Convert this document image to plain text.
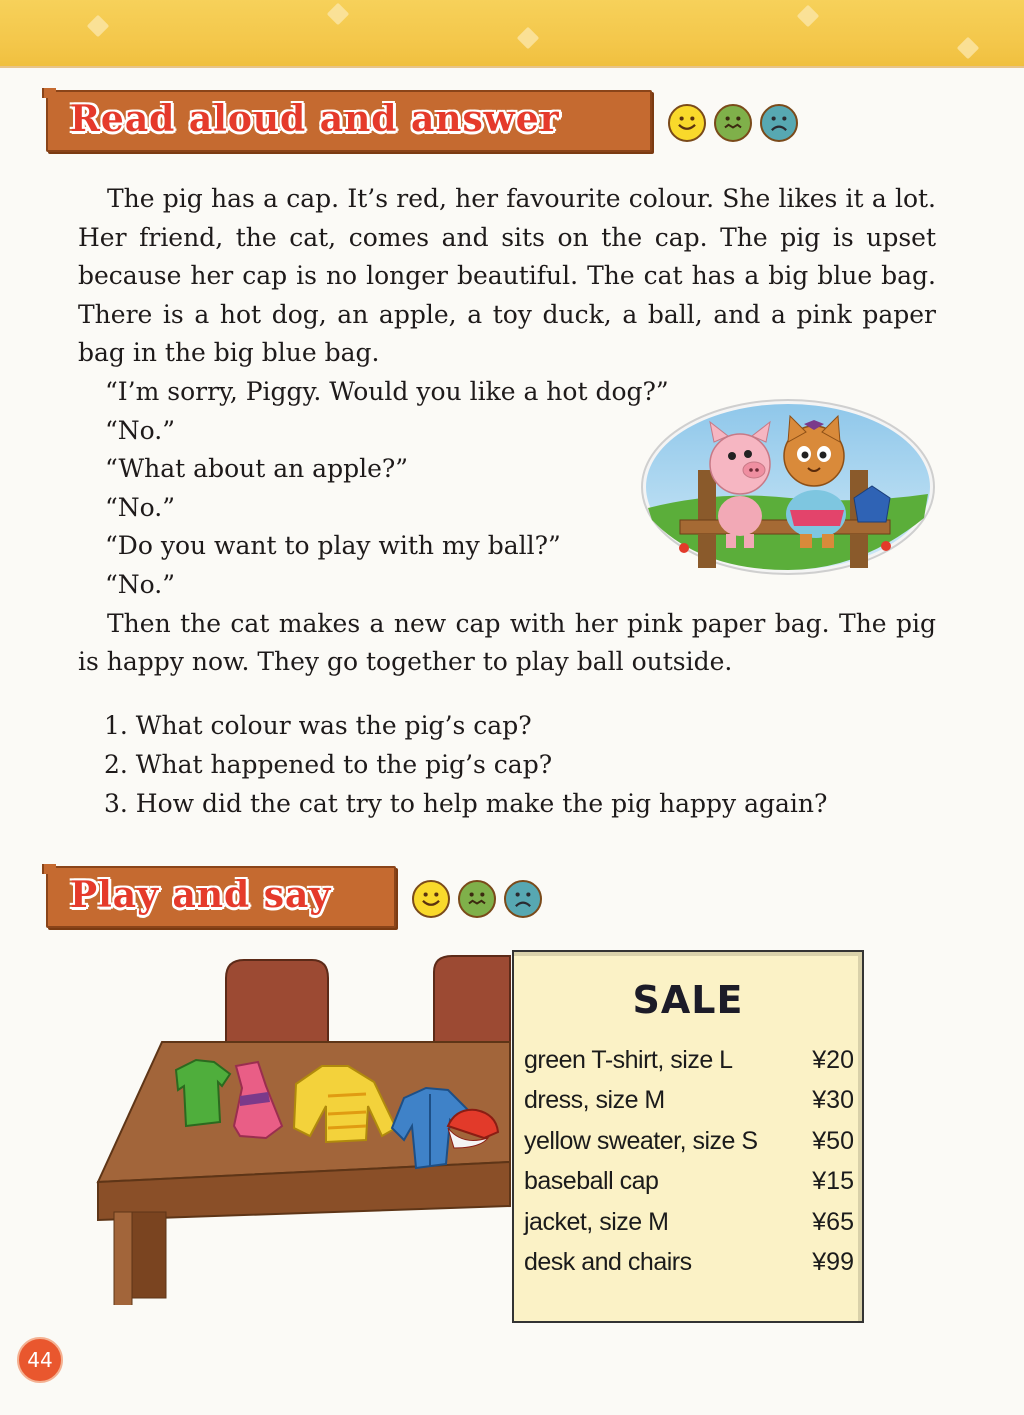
Read aloud and answer

The pig has a cap. It’s red, her favourite colour. She likes it a lot. Her friend, the cat, comes and sits on the cap. The pig is upset because her cap is no longer beautiful. The cat has a big blue bag. There is a hot dog, an apple, a toy duck, a ball, and a pink paper bag in the big blue bag.

“I’m sorry, Piggy. Would you like a hot dog?”
“No.”
“What about an apple?”
“No.”
“Do you want to play with my ball?”
“No.”

Then the cat makes a new cap with her pink paper bag. The pig is happy now. They go together to play ball outside.

1. What colour was the pig’s cap?
2. What happened to the pig’s cap?
3. How did the cat try to help make the pig happy again?
Play and say
SALE
green T-shirt, size L	¥20
dress, size M	¥30
yellow sweater, size S ¥50
baseball cap	¥15
jacket, size M	¥65
desk and chairs	¥99
44
